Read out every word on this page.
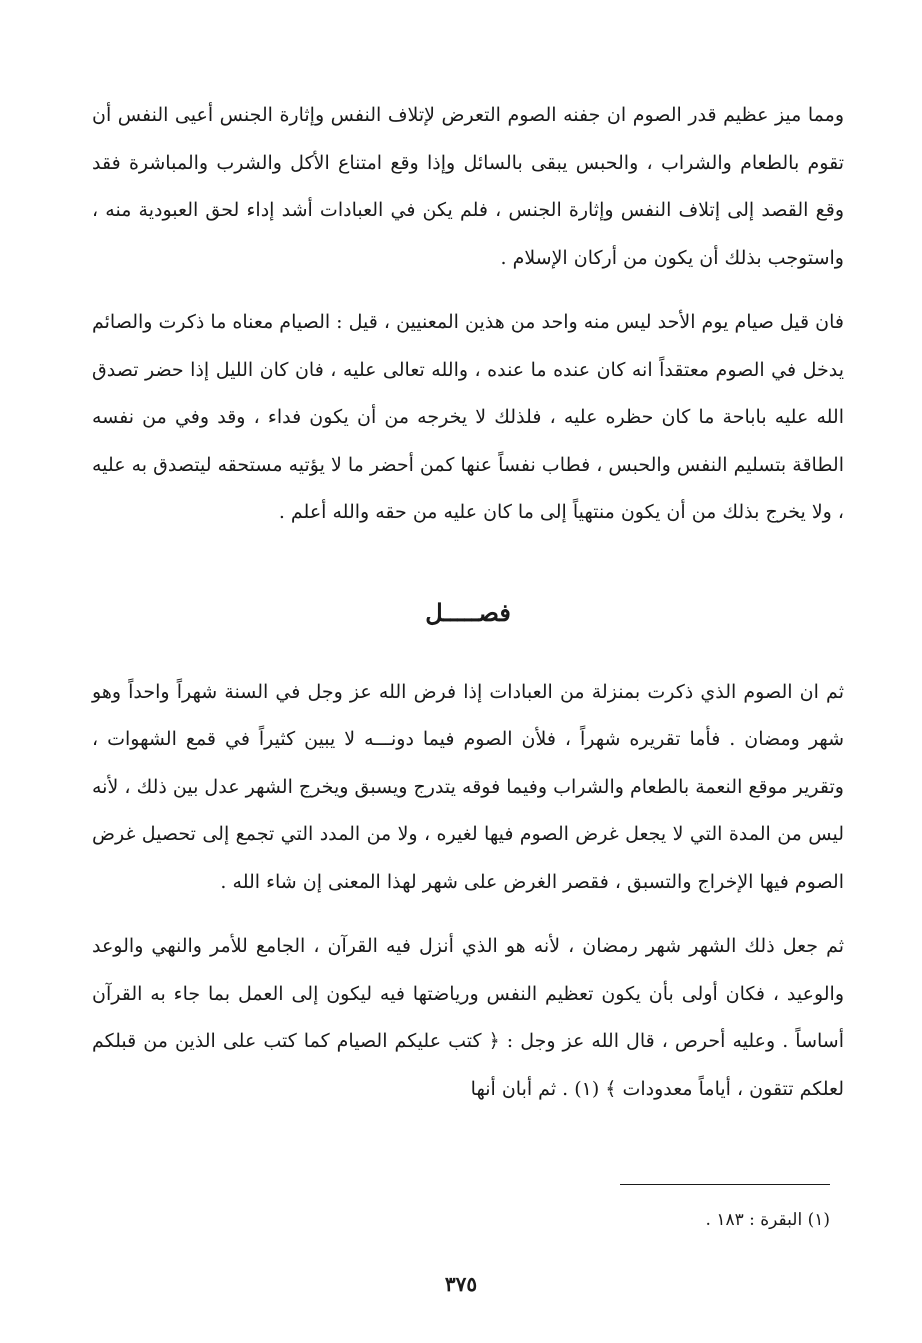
ومما ميز عظيم قدر الصوم ان جفنه الصوم التعرض لإتلاف النفس وإثارة الجنس أعيى النفس أن تقوم بالطعام والشراب ، والحبس يبقى بالسائل وإذا وقع امتناع الأكل والشرب والمباشرة فقد وقع القصد إلى إتلاف النفس وإثارة الجنس ، فلم يكن في العبادات أشد إداء لحق العبودية منه ، واستوجب بذلك أن يكون من أركان الإسلام .

فان قيل صيام يوم الأحد ليس منه واحد من هذين المعنيين ، قيل : الصيام معناه ما ذكرت والصائم يدخل في الصوم معتقداً انه كان عنده ما عنده ، والله تعالى عليه ، فان كان الليل إذا حضر تصدق الله عليه باباحة ما كان حظره عليه ، فلذلك لا يخرجه من أن يكون فداء ، وقد وفي من نفسه الطاقة بتسليم النفس والحبس ، فطاب نفساً عنها كمن أحضر ما لا يؤتيه مستحقه ليتصدق به عليه ، ولا يخرج بذلك من أن يكون منتهياً إلى ما كان عليه من حقه والله أعلم .

فصـــــل

ثم ان الصوم الذي ذكرت بمنزلة من العبادات إذا فرض الله عز وجل في السنة شهراً واحداً وهو شهر ومضان . فأما تقريره شهراً ، فلأن الصوم فيما دونـــه لا يبين كثيراً في قمع الشهوات ، وتقرير موقع النعمة بالطعام والشراب وفيما فوقه يتدرج ويسبق ويخرج الشهر عدل بين ذلك ، لأنه ليس من المدة التي لا يجعل غرض الصوم فيها لغيره ، ولا من المدد التي تجمع إلى تحصيل غرض الصوم فيها الإخراج والتسبق ، فقصر الغرض على شهر لهذا المعنى إن شاء الله .

ثم جعل ذلك الشهر شهر رمضان ، لأنه هو الذي أنزل فيه القرآن ، الجامع للأمر والنهي والوعد والوعيد ، فكان أولى بأن يكون تعظيم النفس ورياضتها فيه ليكون إلى العمل بما جاء به القرآن أساساً . وعليه أحرص ، قال الله عز وجل : ﴿ كتب عليكم الصيام كما كتب على الذين من قبلكم لعلكم تتقون ، أياماً معدودات ﴾ (١) . ثم أبان أنها

(١) البقرة : ١٨٣ .
٣٧٥
